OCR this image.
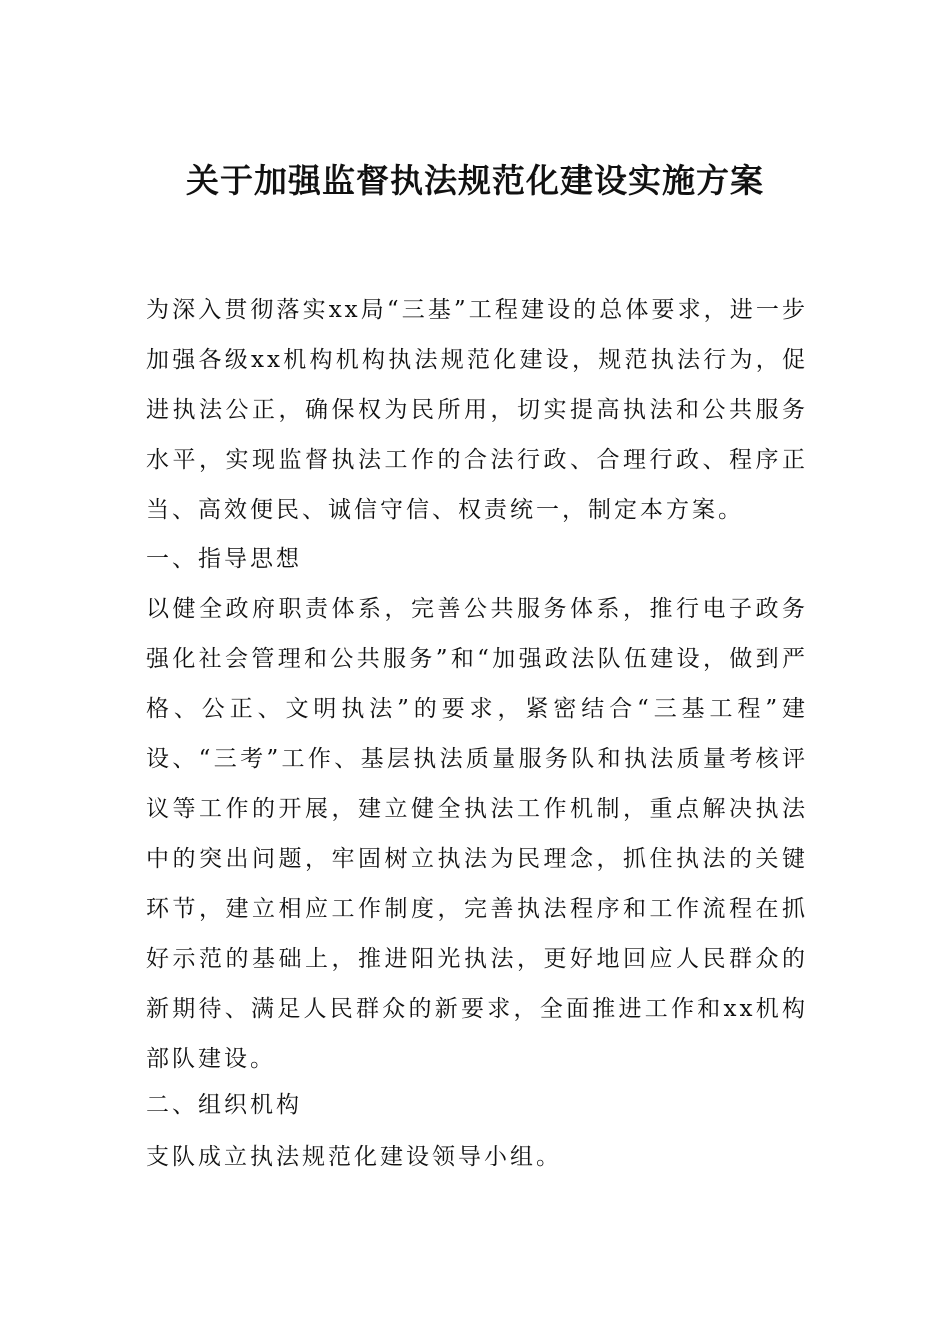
关于加强监督执法规范化建设实施方案

为深入贯彻落实xx局“三基”工程建设的总体要求，进一步加强各级xx机构机构执法规范化建设，规范执法行为，促进执法公正，确保权为民所用，切实提高执法和公共服务水平，实现监督执法工作的合法行政、合理行政、程序正当、高效便民、诚信守信、权责统一，制定本方案。

一、指导思想

以健全政府职责体系，完善公共服务体系，推行电子政务强化社会管理和公共服务”和“加强政法队伍建设，做到严格、公正、文明执法”的要求，紧密结合“三基工程”建设、“三考”工作、基层执法质量服务队和执法质量考核评议等工作的开展，建立健全执法工作机制，重点解决执法中的突出问题，牢固树立执法为民理念，抓住执法的关键环节，建立相应工作制度，完善执法程序和工作流程在抓好示范的基础上，推进阳光执法，更好地回应人民群众的新期待、满足人民群众的新要求，全面推进工作和xx机构部队建设。

二、组织机构

支队成立执法规范化建设领导小组。
